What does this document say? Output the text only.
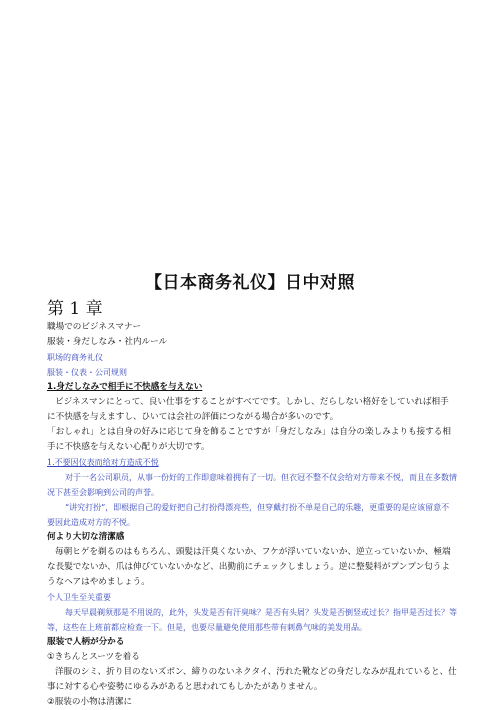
【日本商务礼仪】日中对照
第 1 章

職場でのビジネスマナー

服装・身だしなみ・社内ルール

职场的商务礼仪

服装・仪表・公司规则

1.身だしなみで相手に不快感を与えない

ビジネスマンにとって、良い仕事をすることがすべてです。しかし、だらしない格好をしていれば相手に不快感を与えますし、ひいては会社の評価につながる場合が多いのです。

「おしゃれ」とは自身の好みに応じて身を飾ることですが「身だしなみ」は自分の楽しみよりも接する相手に不快感を与えない心配りが大切です。

1.不要因仪表而给对方造成不悦

对于一名公司职员，从事一份好的工作即意味着拥有了一切。但衣冠不整不仅会给对方带来不悦，而且在多数情况下甚至会影响到公司的声誉。

“讲究打扮”，即根据自己的爱好把自己打扮得漂亮些，但穿戴打扮不单是自己的乐趣，更重要的是应该留意不要因此造成对方的不悦。

何より大切な清潔感

毎朝ヒゲを剃るのはもちろん、頭髪は汗臭くないか、フケが浮いていないか、逆立っていないか、極端な長髪でないか、爪は伸びていないかなど、出勤前にチェックしましょう。逆に整髪料がプンプン匂うようなヘアはやめましょう。

个人卫生至关重要

每天早晨剃须那是不用说的，此外，头发是否有汗臭味？是否有头屑？头发是否倒竖或过长？指甲是否过长？等等，这些在上班前都应检查一下。但是，也要尽量避免使用那些带有刺鼻气味的美发用品。

服装で人柄が分かる

①きちんとスーツを着る

洋服のシミ、折り目のないズボン、締りのないネクタイ、汚れた靴などの身だしなみが乱れていると、仕事に対する心や姿勢にゆるみがあると思われてもしかたがありません。

②服装の小物は清潔に
